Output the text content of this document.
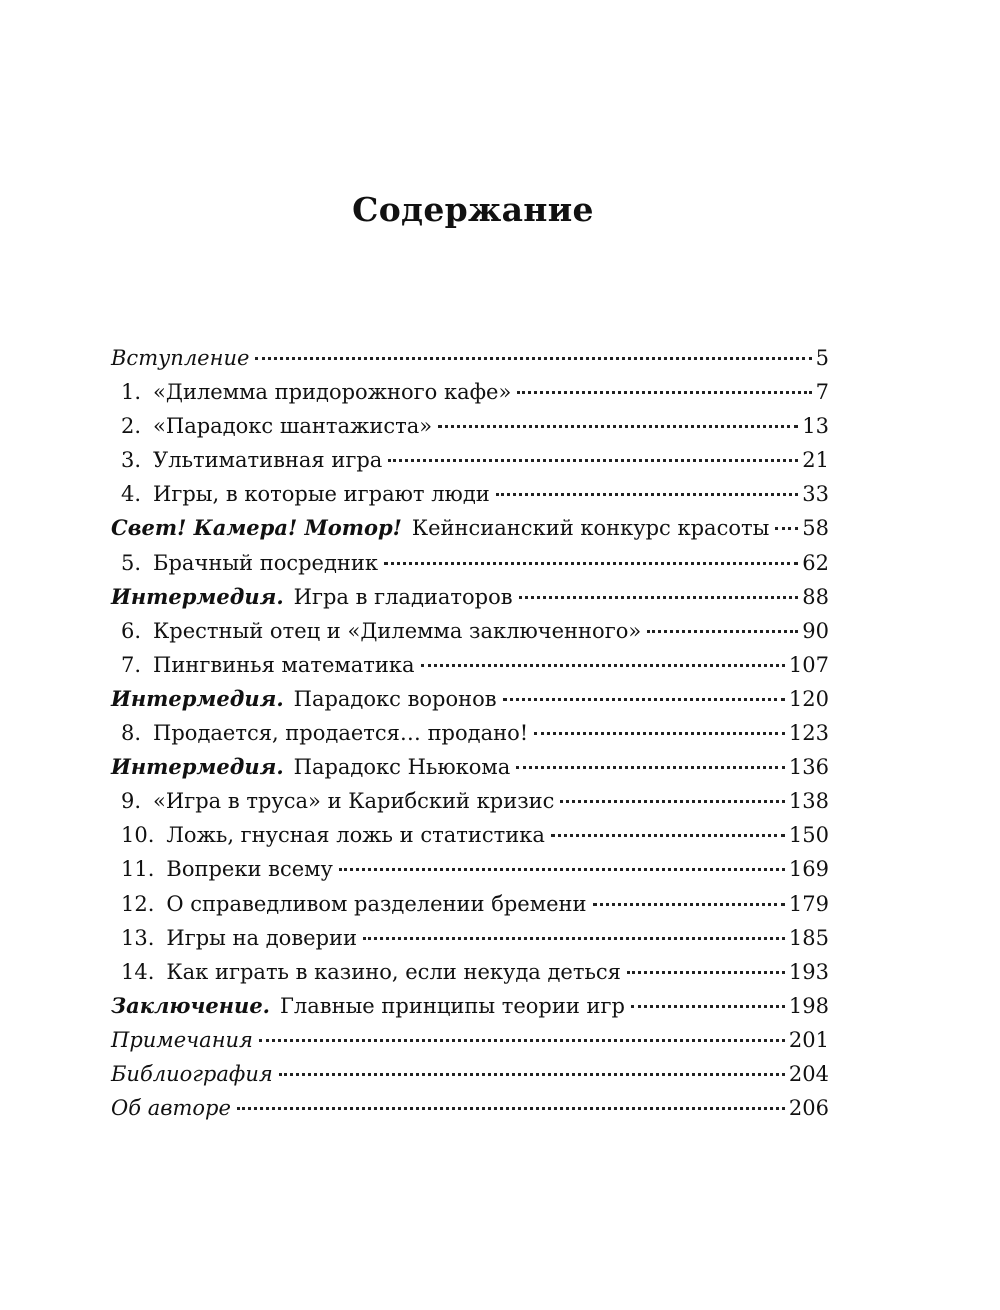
Содержание
Вступление	5
1. «Дилемма придорожного кафе»	7
2. «Парадокс шантажиста»	13
3. Ультимативная игра	21
4. Игры, в которые играют люди	33
Свет! Камера! Мотор! Кейнсианский конкурс красоты 58
5. Брачный посредник	62
Интермедия. Игра в гладиаторов	88
6. Крестный отец и «Дилемма заключенного»	90
7. Пингвинья математика	107
Интермедия. Парадокс воронов	120
8. Продается, продается… продано!	123
Интермедия. Парадокс Ньюкома	136
9. «Игра в труса» и Карибский кризис	138
10. Ложь, гнусная ложь и статистика	150
11. Вопреки всему	169
12. О справедливом разделении бремени	179
13. Игры на доверии	185
14. Как играть в казино, если некуда деться	193
Заключение. Главные принципы теории игр	198
Примечания	201
Библиография	204
Об авторе	206
